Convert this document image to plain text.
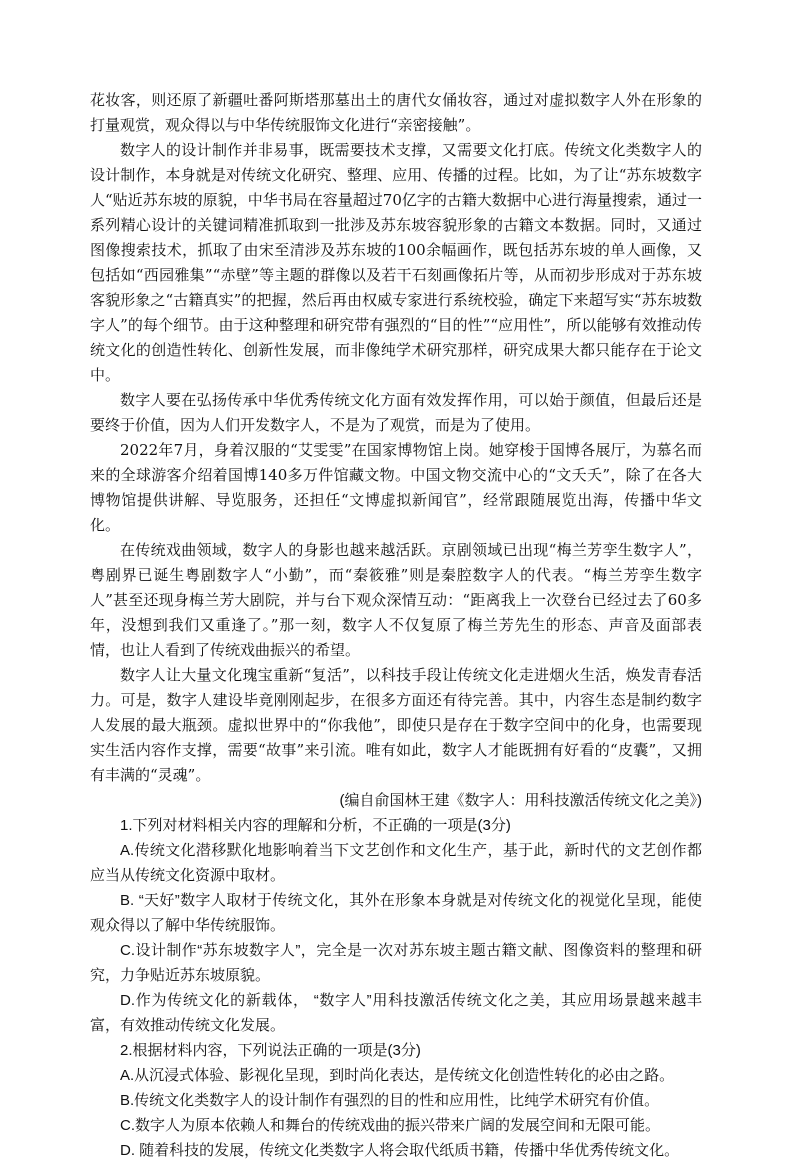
花妆客，则还原了新疆吐番阿斯塔那墓出土的唐代女俑妆容，通过对虚拟数字人外在形象的打量观赏，观众得以与中华传统服饰文化进行“亲密接触”。

数字人的设计制作并非易事，既需要技术支撑，又需要文化打底。传统文化类数字人的设计制作，本身就是对传统文化研究、整理、应用、传播的过程。比如，为了让“苏东坡数字人“贴近苏东坡的原貌，中华书局在容量超过70亿字的古籍大数据中心进行海量搜索，通过一系列精心设计的关键词精准抓取到一批涉及苏东坡容貌形象的古籍文本数据。同时，又通过图像搜索技术，抓取了由宋至清涉及苏东坡的100余幅画作，既包括苏东坡的单人画像，又包括如“西园雅集”“赤壁”等主题的群像以及若干石刻画像拓片等，从而初步形成对于苏东坡客貌形象之“古籍真实”的把握，然后再由权威专家进行系统校验，确定下来超写实“苏东坡数字人”的每个细节。由于这种整理和研究带有强烈的“目的性”“应用性”，所以能够有效推动传统文化的创造性转化、创新性发展，而非像纯学术研究那样，研究成果大都只能存在于论文中。

数字人要在弘扬传承中华优秀传统文化方面有效发挥作用，可以始于颜值，但最后还是要终于价值，因为人们开发数字人，不是为了观赏，而是为了使用。

2022年7月，身着汉服的“艾雯雯”在国家博物馆上岗。她穿梭于国博各展厅，为慕名而来的全球游客介绍着国博140多万件馆藏文物。中国文物交流中心的“文夭夭”，除了在各大博物馆提供讲解、导览服务，还担任“文博虚拟新闻官”，经常跟随展览出海，传播中华文化。

在传统戏曲领域，数字人的身影也越来越活跃。京剧领域已出现“梅兰芳孪生数字人”，粤剧界已诞生粤剧数字人“小勤”，而“秦筱雅”则是秦腔数字人的代表。“梅兰芳孪生数字人”甚至还现身梅兰芳大剧院，并与台下观众深情互动：“距离我上一次登台已经过去了60多年，没想到我们又重逢了。”那一刻，数字人不仅复原了梅兰芳先生的形态、声音及面部表情，也让人看到了传统戏曲振兴的希望。

数字人让大量文化瑰宝重新“复活”，以科技手段让传统文化走进烟火生活，焕发青春活力。可是，数字人建设毕竟刚刚起步，在很多方面还有待完善。其中，内容生态是制约数字人发展的最大瓶颈。虚拟世界中的“你我他”，即使只是存在于数字空间中的化身，也需要现实生活内容作支撑，需要“故事”来引流。唯有如此，数字人才能既拥有好看的“皮囊”，又拥有丰满的“灵魂”。

(编自俞国林王建《数字人：用科技激活传统文化之美》)

1.下列对材料相关内容的理解和分析，不正确的一项是(3分)

A.传统文化潜移默化地影响着当下文艺创作和文化生产，基于此，新时代的文艺创作都应当从传统文化资源中取材。

B. “天好”数字人取材于传统文化，其外在形象本身就是对传统文化的视觉化呈现，能使观众得以了解中华传统服饰。

C.设计制作“苏东坡数字人”，完全是一次对苏东坡主题古籍文献、图像资料的整理和研究，力争贴近苏东坡原貌。

D.作为传统文化的新载体， “数字人”用科技激活传统文化之美，其应用场景越来越丰富，有效推动传统文化发展。

2.根据材料内容，下列说法正确的一项是(3分)

A.从沉浸式体验、影视化呈现，到时尚化表达，是传统文化创造性转化的必由之路。

B.传统文化类数字人的设计制作有强烈的目的性和应用性，比纯学术研究有价值。

C.数字人为原本依赖人和舞台的传统戏曲的振兴带来广阔的发展空间和无限可能。

D. 随着科技的发展，传统文化类数字人将会取代纸质书籍，传播中华优秀传统文化。
